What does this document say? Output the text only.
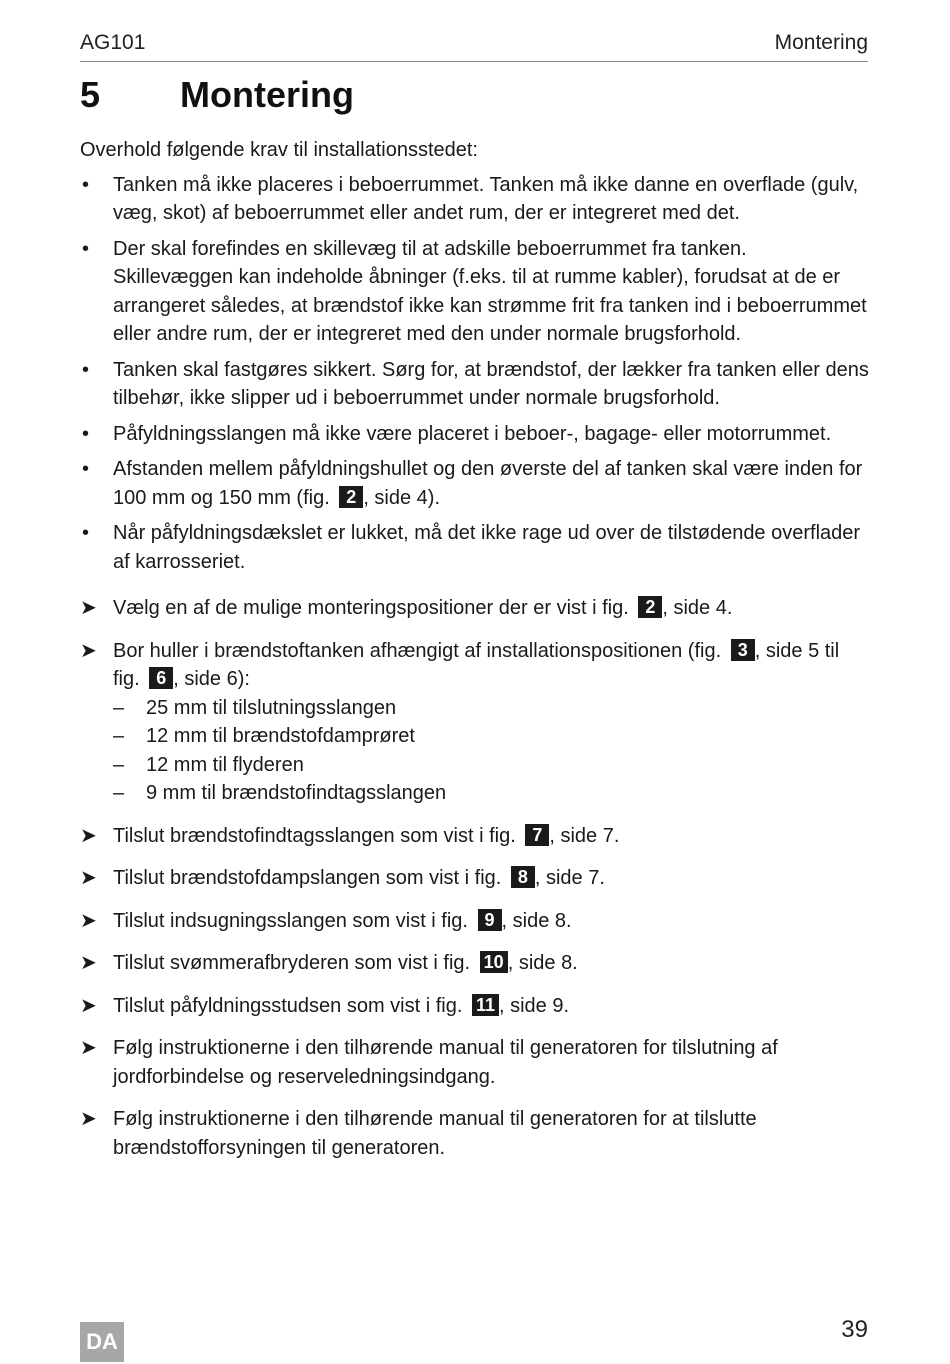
AG101	Montering
5	Montering

Overhold følgende krav til installationsstedet:

• Tanken må ikke placeres i beboerrummet. Tanken må ikke danne en overflade (gulv, væg, skot) af beboerrummet eller andet rum, der er integreret med det.
• Der skal forefindes en skillevæg til at adskille beboerrummet fra tanken. Skillevæggen kan indeholde åbninger (f.eks. til at rumme kabler), forudsat at de er arrangeret således, at brændstof ikke kan strømme frit fra tanken ind i beboerrummet eller andre rum, der er integreret med den under normale brugsforhold.
• Tanken skal fastgøres sikkert. Sørg for, at brændstof, der lækker fra tanken eller dens tilbehør, ikke slipper ud i beboerrummet under normale brugsforhold.
• Påfyldningsslangen må ikke være placeret i beboer-, bagage- eller motorrummet.
• Afstanden mellem påfyldningshullet og den øverste del af tanken skal være inden for 100 mm og 150 mm (fig. 2 , side 4).
• Når påfyldningsdækslet er lukket, må det ikke rage ud over de tilstødende overflader af karrosseriet.
➤ Vælg en af de mulige monteringspositioner der er vist i fig. 2 , side 4.
➤ Bor huller i brændstoftanken afhængigt af installationspositionen (fig. 3 , side 5 til fig. 6 , side 6):
– 25 mm til tilslutningsslangen
– 12 mm til brændstofdamprøret
– 12 mm til flyderen
– 9 mm til brændstofindtagsslangen
➤ Tilslut brændstofindtagsslangen som vist i fig. 7 , side 7.
➤ Tilslut brændstofdampslangen som vist i fig. 8 , side 7.
➤ Tilslut indsugningsslangen som vist i fig. 9 , side 8.
➤ Tilslut svømmerafbryderen som vist i fig. 10 , side 8.
➤ Tilslut påfyldningsstudsen som vist i fig. 11 , side 9.
➤ Følg instruktionerne i den tilhørende manual til generatoren for tilslutning af jordforbindelse og reserveledningsindgang.
➤ Følg instruktionerne i den tilhørende manual til generatoren for at tilslutte brændstofforsyningen til generatoren.
DA	39
